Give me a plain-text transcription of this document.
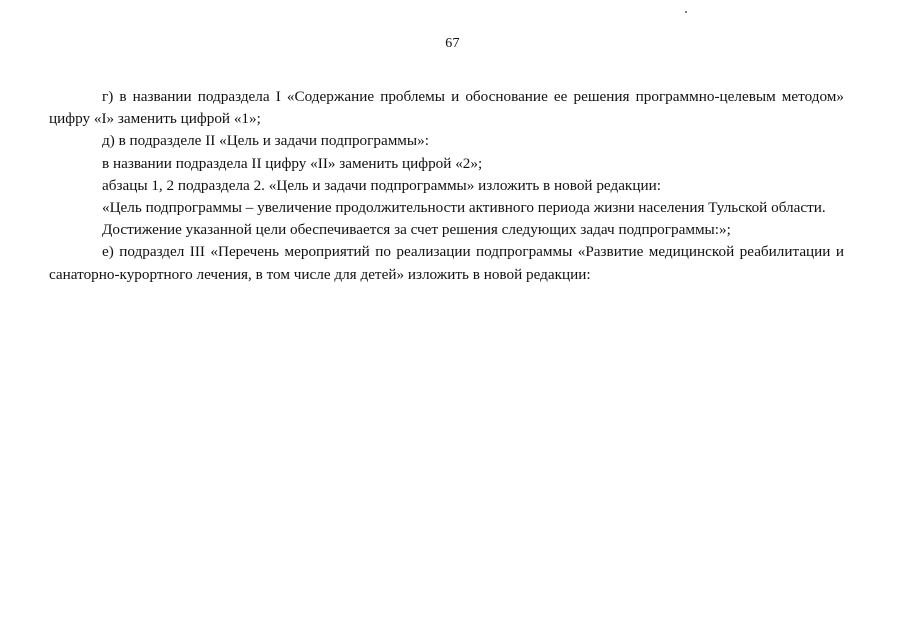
67

г) в названии подраздела I «Содержание проблемы и обоснование ее решения программно-целевым методом» цифру «I» заменить цифрой «1»;

д) в подразделе II «Цель и задачи подпрограммы»:

в названии подраздела II цифру «II» заменить цифрой «2»;

абзацы 1, 2 подраздела 2. «Цель и задачи подпрограммы» изложить в новой редакции:

«Цель подпрограммы – увеличение продолжительности активного периода жизни населения Тульской области.

Достижение указанной цели обеспечивается за счет решения следующих задач подпрограммы:»;

е) подраздел III «Перечень мероприятий по реализации подпрограммы «Развитие медицинской реабилитации и санаторно-курортного лечения, в том числе для детей» изложить в новой редакции:
